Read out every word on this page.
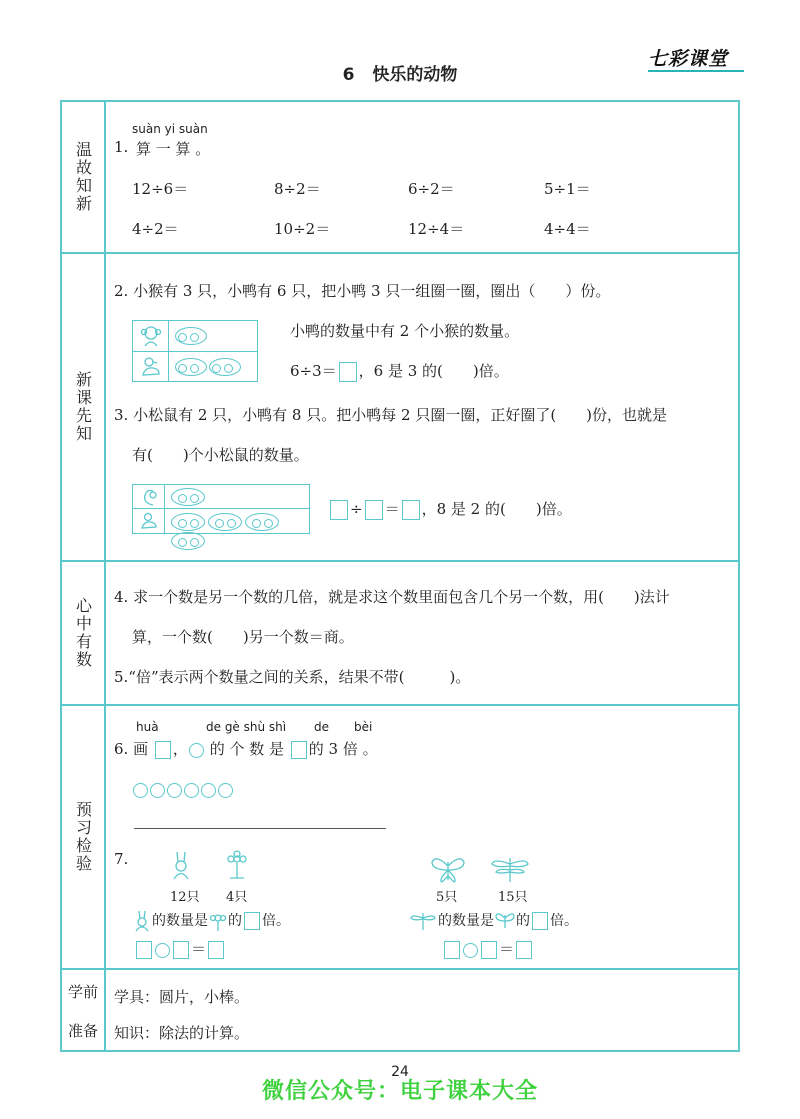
6 快乐的动物
七彩课堂
温故知新
suàn yi suàn
1. 算 一 算 。
12÷6＝	8÷2＝	6÷2＝	5÷1＝
4÷2＝	10÷2＝	12÷4＝	4÷4＝
新课先知
2. 小猴有 3 只，小鸭有 6 只，把小鸭 3 只一组圈一圈，圈出（　　）份。
小鸭的数量中有 2 个小猴的数量。
6÷3＝ ，6 是 3 的(　　)倍。
3. 小松鼠有 2 只，小鸭有 8 只。把小鸭每 2 只圈一圈，正好圈了(　　)份，也就是
有(　　)个小松鼠的数量。
÷ ＝ ，8 是 2 的(　　)倍。
心中有数 4. 求一个数是另一个数的几倍，就是求这个数里面包含几个另一个数，用(　　)法计
算，一个数(　　)另一个数＝商。
5.“倍”表示两个数量之间的关系，结果不带(　　　)。
预习检验
huà	de gè shù shì de bèi
6. 画 ， 的 个 数 是 的 3 倍 。
7.
12只 4只
的数量是 的 倍。
＝
5只	15只
的数量是 的 倍。
＝
学前
准备
学具：圆片，小棒。
知识：除法的计算。
24
微信公众号：电子课本大全
